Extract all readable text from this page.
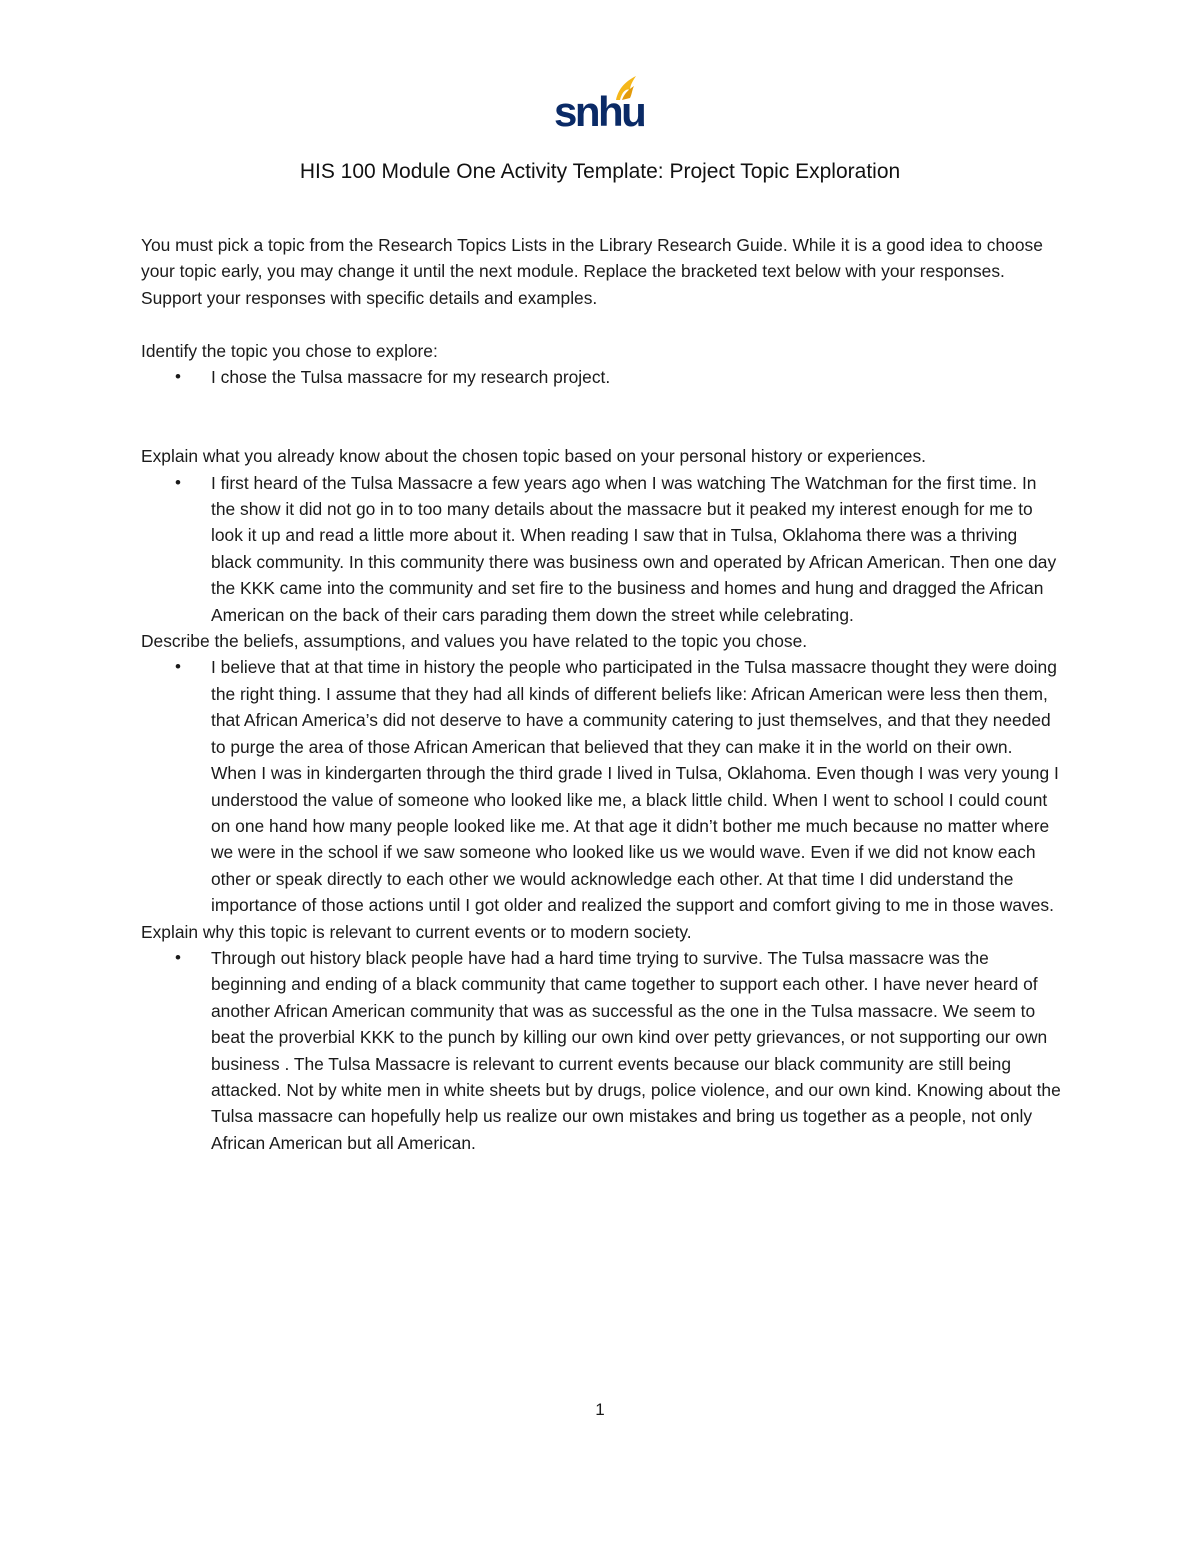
snhu
HIS 100 Module One Activity Template: Project Topic Exploration

You must pick a topic from the Research Topics Lists in the Library Research Guide. While it is a good idea to choose your topic early, you may change it until the next module. Replace the bracketed text below with your responses. Support your responses with specific details and examples.

Identify the topic you chose to explore:

• I chose the Tulsa massacre for my research project.

Explain what you already know about the chosen topic based on your personal history or experiences.

• I first heard of the Tulsa Massacre a few years ago when I was watching The Watchman for the first time. In the show it did not go in to too many details about the massacre but it peaked my interest enough for me to look it up and read a little more about it. When reading I saw that in Tulsa, Oklahoma there was a thriving black community. In this community there was business own and operated by African American. Then one day the KKK came into the community and set fire to the business and homes and hung and dragged the African American on the back of their cars parading them down the street while celebrating.

Describe the beliefs, assumptions, and values you have related to the topic you chose.

• I believe that at that time in history the people who participated in the Tulsa massacre thought they were doing the right thing. I assume that they had all kinds of different beliefs like: African American were less then them, that African America’s did not deserve to have a community catering to just themselves, and that they needed to purge the area of those African American that believed that they can make it in the world on their own. When I was in kindergarten through the third grade I lived in Tulsa, Oklahoma. Even though I was very young I understood the value of someone who looked like me, a black little child. When I went to school I could count on one hand how many people looked like me. At that age it didn’t bother me much because no matter where we were in the school if we saw someone who looked like us we would wave. Even if we did not know each other or speak directly to each other we would acknowledge each other. At that time I did understand the importance of those actions until I got older and realized the support and comfort giving to me in those waves.

Explain why this topic is relevant to current events or to modern society.

• Through out history black people have had a hard time trying to survive. The Tulsa massacre was the beginning and ending of a black community that came together to support each other. I have never heard of another African American community that was as successful as the one in the Tulsa massacre. We seem to beat the proverbial KKK to the punch by killing our own kind over petty grievances, or not supporting our own business . The Tulsa Massacre is relevant to current events because our black community are still being attacked. Not by white men in white sheets but by drugs, police violence, and our own kind. Knowing about the Tulsa massacre can hopefully help us realize our own mistakes and bring us together as a people, not only African American but all American.
1
